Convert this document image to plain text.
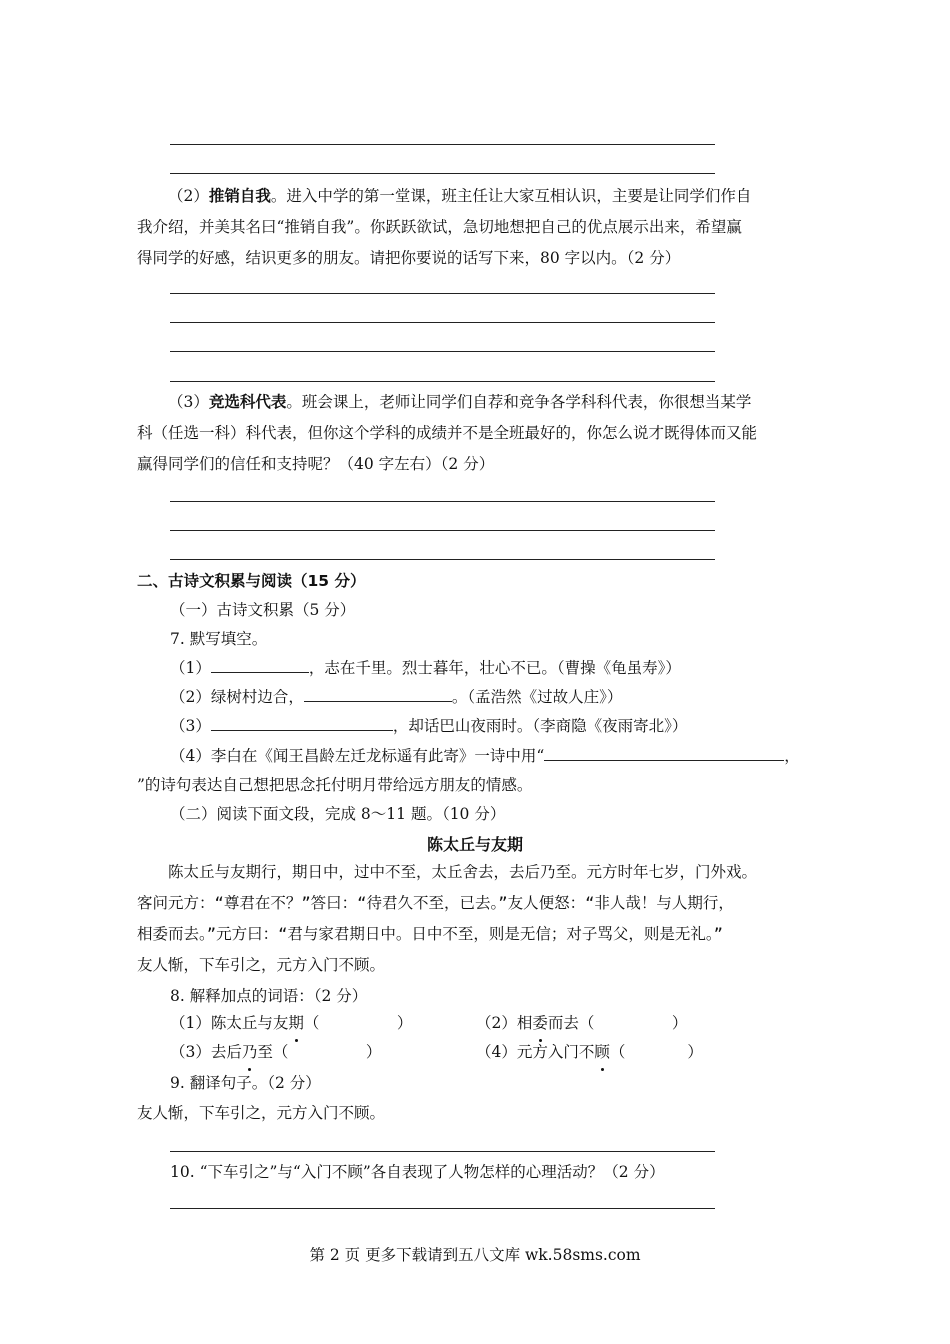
（2）推销自我。进入中学的第一堂课，班主任让大家互相认识，主要是让同学们作自
我介绍，并美其名曰“推销自我”。你跃跃欲试，急切地想把自己的优点展示出来，希望赢
得同学的好感，结识更多的朋友。请把你要说的话写下来，80 字以内。（2 分）
（3）竞选科代表。班会课上，老师让同学们自荐和竞争各学科科代表，你很想当某学
科（任选一科）科代表，但你这个学科的成绩并不是全班最好的，你怎么说才既得体而又能
赢得同学们的信任和支持呢？（40 字左右）（2 分）
二、古诗文积累与阅读（15 分）
（一）古诗文积累（5 分）
7. 默写填空。
（1）	，志在千里。烈士暮年，壮心不已。（曹操《龟虽寿》）
（2）绿树村边合，	。（孟浩然《过故人庄》）
（3）	，却话巴山夜雨时。（李商隐《夜雨寄北》）
（4）李白在《闻王昌龄左迁龙标遥有此寄》一诗中用“	，
”的诗句表达自己想把思念托付明月带给远方朋友的情感。
（二）阅读下面文段，完成 8～11 题。（10 分）
陈太丘与友期
陈太丘与友期行，期日中，过中不至，太丘舍去，去后乃至。元方时年七岁，门外戏。
客问元方：“尊君在不？”答曰：“待君久不至，已去。”友人便怒：“非人哉！与人期行，
相委而去。”元方曰：“君与家君期日中。日中不至，则是无信；对子骂父，则是无礼。”
友人惭，下车引之，元方入门不顾。
8. 解释加点的词语：（2 分）
（1）陈太丘与友期（　　　　　）	（2）相委而去（　　　　　）
（3）去后乃至（　　　　　）	（4）元方入门不顾（　　　　）
9. 翻译句子。（2 分）
友人惭，下车引之，元方入门不顾。
10. “下车引之”与“入门不顾”各自表现了人物怎样的心理活动？（2 分）
第 2 页 更多下载请到五八文库 wk.58sms.com
